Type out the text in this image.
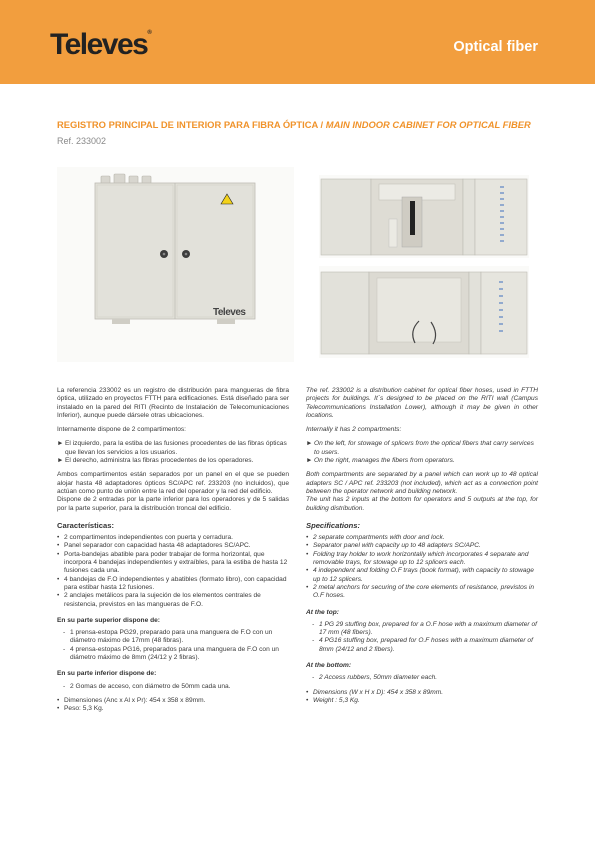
Televes®
Optical fiber
REGISTRO PRINCIPAL DE INTERIOR PARA FIBRA ÓPTICA / MAIN INDOOR CABINET FOR OPTICAL FIBER
Ref. 233002
Televes

La referencia 233002 es un registro de distribución para mangueras de fibra óptica, utilizado en proyectos FTTH para edificaciones. Está diseñado para ser instalado en la pared del RITI (Recinto de Instalación de Telecomunicaciones Inferior), aunque puede dársele otras ubicaciones.

Internamente dispone de 2 compartimentos:

► El izquierdo, para la estiba de las fusiones procedentes de las fibras ópticas que llevan los servicios a los usuarios.
► El derecho, administra las fibras procedentes de los operadores.

Ambos compartimentos están separados por un panel en el que se pueden alojar hasta 48 adaptadores ópticos SC/APC ref. 233203 (no incluidos), que actúan como punto de unión entre la red del operador y la red del edificio.

Dispone de 2 entradas por la parte inferior para los operadores y de 5 salidas por la parte superior, para la distribución troncal del edificio.

Características:
• 2 compartimentos independientes con puerta y cerradura.
• Panel separador con capacidad hasta 48 adaptadores SC/APC.
• Porta-bandejas abatible para poder trabajar de forma horizontal, que incorpora 4 bandejas independientes y extraíbles, para la estiba de hasta 12 fusiones cada una.
• 4 bandejas de F.O independientes y abatibles (formato libro), con capacidad para estibar hasta 12 fusiones.
• 2 anclajes metálicos para la sujeción de los elementos centrales de resistencia, previstos en las mangueras de F.O.
En su parte superior dispone de:
- 1 prensa-estopa PG29, preparado para una manguera de F.O con un diámetro máximo de 17mm (48 fibras).
- 4 prensa-estopas PG16, preparados para una manguera de F.O con un diámetro máximo de 8mm (24/12 y 2 fibras).
En su parte inferior dispone de:
- 2 Gomas de acceso, con diámetro de 50mm cada una.
• Dimensiones (Anc x Al x Pr): 454 x 358 x 89mm.
• Peso: 5,3 Kg.

The ref. 233002 is a distribution cabinet for optical fiber hoses, used in FTTH projects for buildings. It´s designed to be placed on the RITI wall (Campus Telecommunications Installation Lower), although it may be given in other locations.

Internally it has 2 compartments:

► On the left, for stowage of splicers from the optical fibers that carry services to users.
► On the right, manages the fibers from operators.

Both compartments are separated by a panel which can work up to 48 optical adapters SC / APC ref. 233203 (not included), which act as a connection point between the operator network and building network.

The unit has 2 inputs at the bottom for operators and 5 outputs at the top, for building distribution.

Specifications:
• 2 separate compartments with door and lock.
• Separator panel with capacity up to 48 adapters SC/APC.
• Folding tray holder to work horizontally which incorporates 4 separate and removable trays, for stowage up to 12 splicers each.
• 4 independent and folding O.F trays (book format), with capacity to stowage up to 12 splicers.
• 2 metal anchors for securing of the core elements of resistance, previstos in O.F hoses.
At the top:
- 1 PG 29 stuffing box, prepared for a O.F hose with a maximum diameter of 17 mm (48 fibers).
- 4 PG16 stuffing box, prepared for O.F hoses with a maximum diameter of 8mm (24/12 and 2 fibers).
At the bottom:
- 2 Access rubbers, 50mm diameter each.
• Dimensions (W x H x D): 454 x 358 x 89mm.
• Weight : 5,3 Kg.
